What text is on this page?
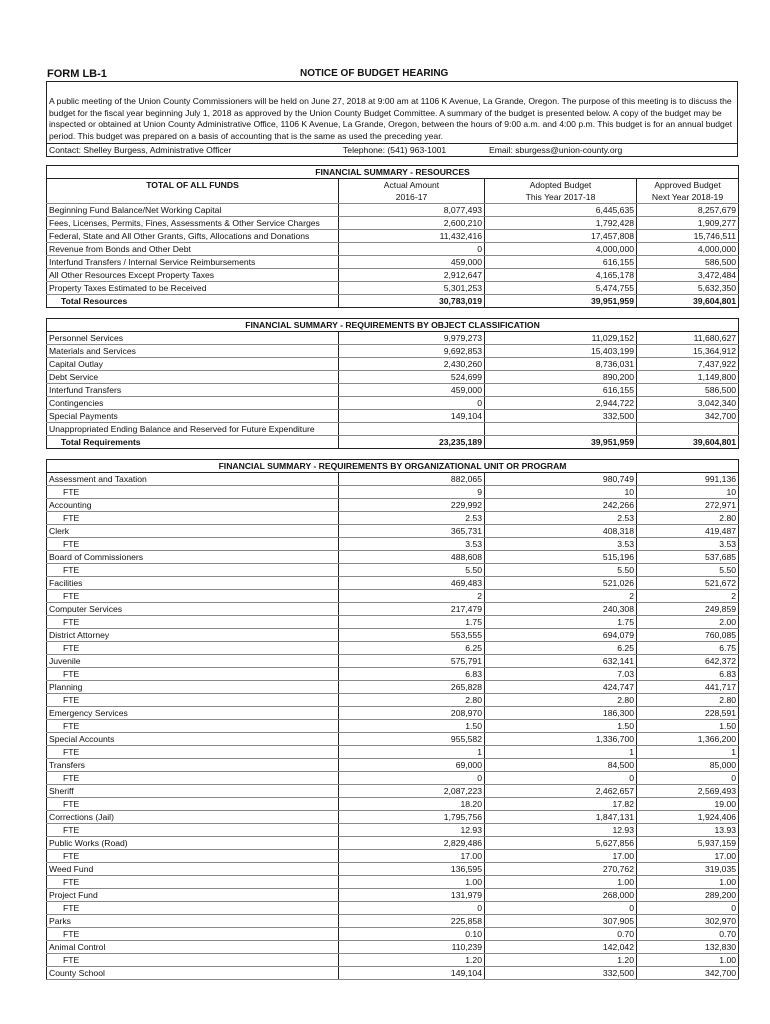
FORM LB-1	NOTICE OF BUDGET HEARING
A public meeting of the Union County Commissioners will be held on June 27, 2018 at 9:00 am at 1106 K Avenue, La Grande, Oregon. The purpose of this meeting is to discuss the budget for the fiscal year beginning July 1, 2018 as approved by the Union County Budget Committee. A summary of the budget is presented below. A copy of the budget may be inspected or obtained at Union County Administrative Office, 1106 K Avenue, La Grande, Oregon, between the hours of 9:00 a.m. and 4:00 p.m. This budget is for an annual budget period. This budget was prepared on a basis of accounting that is the same as used the preceding year.
Contact: Shelley Burgess, Administrative Officer	Telephone: (541) 963-1001	Email: sburgess@union-county.org
FINANCIAL SUMMARY - RESOURCES			
TOTAL OF ALL FUNDS	Actual Amount	Adopted Budget	Approved Budget
	2016-17	This Year 2017-18	Next Year 2018-19
Beginning Fund Balance/Net Working Capital	8,077,493	6,445,635	8,257,679
Fees, Licenses, Permits, Fines, Assessments & Other Service Charges	2,600,210	1,792,428	1,909,277
Federal, State and All Other Grants, Gifts, Allocations and Donations	11,432,416	17,457,808	15,746,511
Revenue from Bonds and Other Debt	0	4,000,000	4,000,000
Interfund Transfers / Internal Service Reimbursements	459,000	616,155	586,500
All Other Resources Except Property Taxes	2,912,647	4,165,178	3,472,484
Property Taxes Estimated to be Received	5,301,253	5,474,755	5,632,350
Total Resources	30,783,019	39,951,959	39,604,801
FINANCIAL SUMMARY - REQUIREMENTS BY OBJECT CLASSIFICATION			
Personnel Services	9,979,273	11,029,152	11,680,627
Materials and Services	9,692,853	15,403,199	15,364,912
Capital Outlay	2,430,260	8,736,031	7,437,922
Debt Service	524,699	890,200	1,149,800
Interfund Transfers	459,000	616,155	586,500
Contingencies	0	2,944,722	3,042,340
Special Payments	149,104	332,500	342,700
Unappropriated Ending Balance and Reserved for Future Expenditure			
Total Requirements	23,235,189	39,951,959	39,604,801
FINANCIAL SUMMARY - REQUIREMENTS BY ORGANIZATIONAL UNIT OR PROGRAM			
Assessment and Taxation	882,065	980,749	991,136
FTE	9	10	10
Accounting	229,992	242,266	272,971
FTE	2.53	2.53	2.80
Clerk	365,731	408,318	419,487
FTE	3.53	3.53	3.53
Board of Commissioners	488,608	515,196	537,685
FTE	5.50	5.50	5.50
Facilities	469,483	521,026	521,672
FTE	2	2	2
Computer Services	217,479	240,308	249,859
FTE	1.75	1.75	2.00
District Attorney	553,555	694,079	760,085
FTE	6.25	6.25	6.75
Juvenile	575,791	632,141	642,372
FTE	6.83	7.03	6.83
Planning	265,828	424,747	441,717
FTE	2.80	2.80	2.80
Emergency Services	208,970	186,300	228,591
FTE	1.50	1.50	1.50
Special Accounts	955,582	1,336,700	1,366,200
FTE	1	1	1
Transfers	69,000	84,500	85,000
FTE	0	0	0
Sheriff	2,087,223	2,462,657	2,569,493
FTE	18.20	17.82	19.00
Corrections (Jail)	1,795,756	1,847,131	1,924,406
FTE	12.93	12.93	13.93
Public Works (Road)	2,829,486	5,627,856	5,937,159
FTE	17.00	17.00	17.00
Weed Fund	136,595	270,762	319,035
FTE	1.00	1.00	1.00
Project Fund	131,979	268,000	289,200
FTE	0	0	0
Parks	225,858	307,905	302,970
FTE	0.10	0.70	0.70
Animal Control	110,239	142,042	132,830
FTE	1.20	1.20	1.00
County School	149,104	332,500	342,700
